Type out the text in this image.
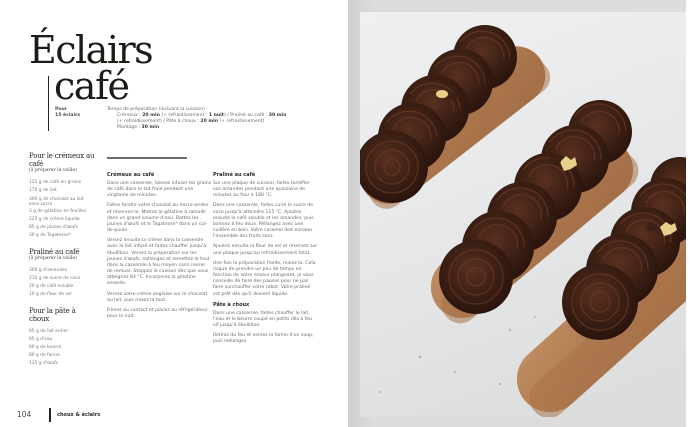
Éclairs
café
Pour
15 éclairs
Temps de préparation (incluant la cuisson) :
Crémeux : 20 min (+ refroidissement : 1 nuit) / Praliné au café : 30 min
(+ refroidissement) / Pâte à choux : 20 min (+ refroidissement)
Montage : 30 min
Pour le crémeux au café
(à préparer la veille)
125 g de café en grains
170 g de lait
300 g de chocolat au lait sans sucre
3 g de gélatine en feuilles
225 g de crème liquide
85 g de jaunes d'œufs
30 g de Tagatesse*
Praliné au café
(à préparer la veille)
300 g d'amandes
210 g de sucre de coco
20 g de café soluble
10 g de fleur de sel
Pour la pâte à choux
65 g de lait entier
65 g d'eau
60 g de beurre
80 g de farine
135 g d'œufs
Crémeux au café

Dans une casserole, laissez infuser les grains de café dans le lait froid pendant une vingtaine de minutes.

Faites fondre votre chocolat au micro-ondes et réservez-le. Mettez la gélatine à ramollir dans un grand volume d'eau. Battez les jaunes d'œufs et le Tagatesse* dans un cul-de-poule.

Versez ensuite la crème dans la casserole avec le lait infusé et faites chauffer jusqu'à ébullition. Versez la préparation sur les jaunes d'œufs, mélangez et remettez le tout dans la casserole à feu moyen sans cesser de remuer. Stoppez la cuisson dès que vous atteignez 84 °C. Incorporez la gélatine essorée.

Versez votre crème anglaise sur le chocolat au lait, puis mixez le tout.

Filmez au contact et placez au réfrigérateur pour la nuit.

Praliné au café

Sur une plaque de cuisson, faites torréfier vos amandes pendant une quinzaine de minutes au four à 180 °C.

Dans une casserole, faites cuire le sucre de coco jusqu'à atteindre 115 °C. Ajoutez ensuite le café soluble et les amandes, puis baissez à feu doux. Mélangez avec une cuillère en bois. Votre caramel doit enrober l'ensemble des fruits secs.

Ajoutez ensuite la fleur de sel et réservez sur une plaque jusqu'au refroidissement total.

Une fois la préparation froide, mixez-la. Cela risque de prendre un peu de temps en fonction de votre mixeur plongeant, je vous conseille de faire des pauses pour ne pas faire surchauffer votre robot. Votre praliné est prêt dès qu'il devient liquide.

Pâte à choux

Dans une casserole, faites chauffer le lait, l'eau et le beurre coupé en petits dés à feu vif jusqu'à ébullition.

Retirez du feu et versez la farine d'un coup, puis mélangez

104	choux & éclairs
